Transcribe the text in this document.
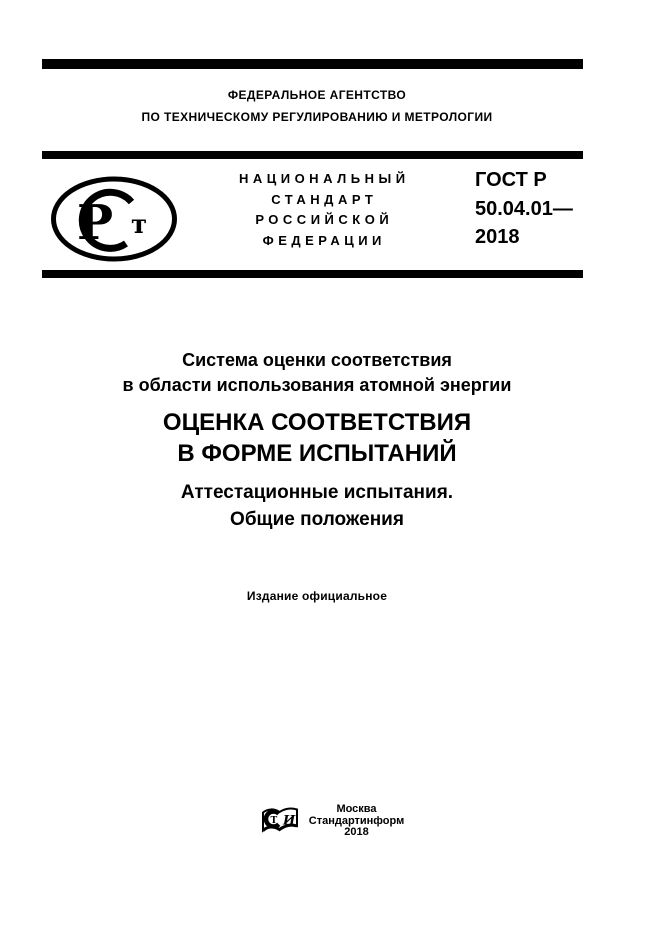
ФЕДЕРАЛЬНОЕ АГЕНТСТВО
ПО ТЕХНИЧЕСКОМУ РЕГУЛИРОВАНИЮ И МЕТРОЛОГИИ
Р т
НАЦИОНАЛЬНЫЙ
СТАНДАРТ
РОССИЙСКОЙ
ФЕДЕРАЦИИ
ГОСТ Р
50.04.01—
2018
Система оценки соответствия
в области использования атомной энергии
ОЦЕНКА СООТВЕТСТВИЯ
В ФОРМЕ ИСПЫТАНИЙ
Аттестационные испытания.
Общие положения
Издание официальное
Т И
Москва
Стандартинформ
2018
